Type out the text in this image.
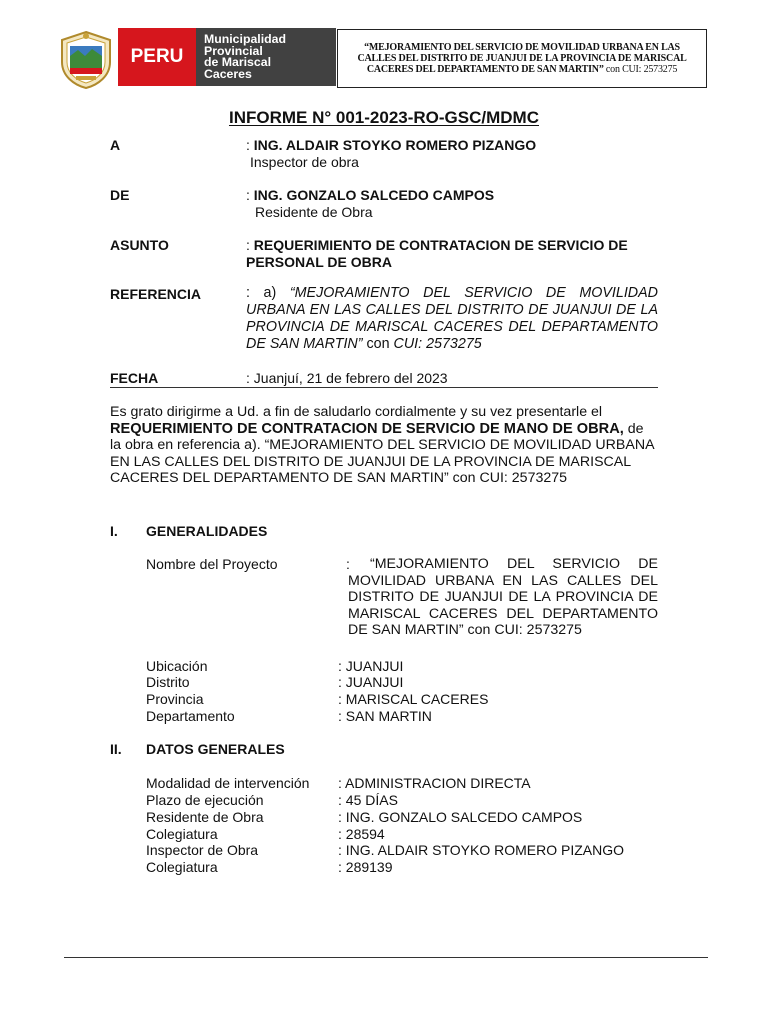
PERU
Municipalidad
Provincial
de Mariscal
Caceres
“MEJORAMIENTO DEL SERVICIO DE MOVILIDAD URBANA EN LAS CALLES DEL DISTRITO DE JUANJUI DE LA PROVINCIA DE MARISCAL CACERES DEL DEPARTAMENTO DE SAN MARTIN” con CUI: 2573275
INFORME N° 001-2023-RO-GSC/MDMC
A	: ING. ALDAIR STOYKO ROMERO PIZANGO
Inspector de obra
DE	: ING. GONZALO SALCEDO CAMPOS
Residente de Obra
ASUNTO	: REQUERIMIENTO DE CONTRATACION DE SERVICIO DE
PERSONAL DE OBRA
REFERENCIA	: a) “MEJORAMIENTO DEL SERVICIO DE MOVILIDAD URBANA EN LAS CALLES DEL DISTRITO DE JUANJUI DE LA PROVINCIA DE MARISCAL CACERES DEL DEPARTAMENTO DE SAN MARTIN” con CUI: 2573275
FECHA	: Juanjuí, 21 de febrero del 2023
Es grato dirigirme a Ud. a fin de saludarlo cordialmente y su vez presentarle el REQUERIMIENTO DE CONTRATACION DE SERVICIO DE MANO DE OBRA, de la obra en referencia a). “MEJORAMIENTO DEL SERVICIO DE MOVILIDAD URBANA EN LAS CALLES DEL DISTRITO DE JUANJUI DE LA PROVINCIA DE MARISCAL CACERES DEL DEPARTAMENTO DE SAN MARTIN” con CUI: 2573275
I. GENERALIDADES
Nombre del Proyecto	:	“MEJORAMIENTO DEL SERVICIO DE MOVILIDAD URBANA EN LAS CALLES DEL DISTRITO DE JUANJUI DE LA PROVINCIA DE MARISCAL CACERES DEL DEPARTAMENTO DE SAN MARTIN” con CUI: 2573275
Ubicación	: JUANJUI
Distrito	: JUANJUI
Provincia	: MARISCAL CACERES
Departamento	: SAN MARTIN
II. DATOS GENERALES
Modalidad de intervención : ADMINISTRACION DIRECTA
Plazo de ejecución	: 45 DÍAS
Residente de Obra	: ING. GONZALO SALCEDO CAMPOS
Colegiatura	: 28594
Inspector de Obra	: ING. ALDAIR STOYKO ROMERO PIZANGO
Colegiatura	: 289139
